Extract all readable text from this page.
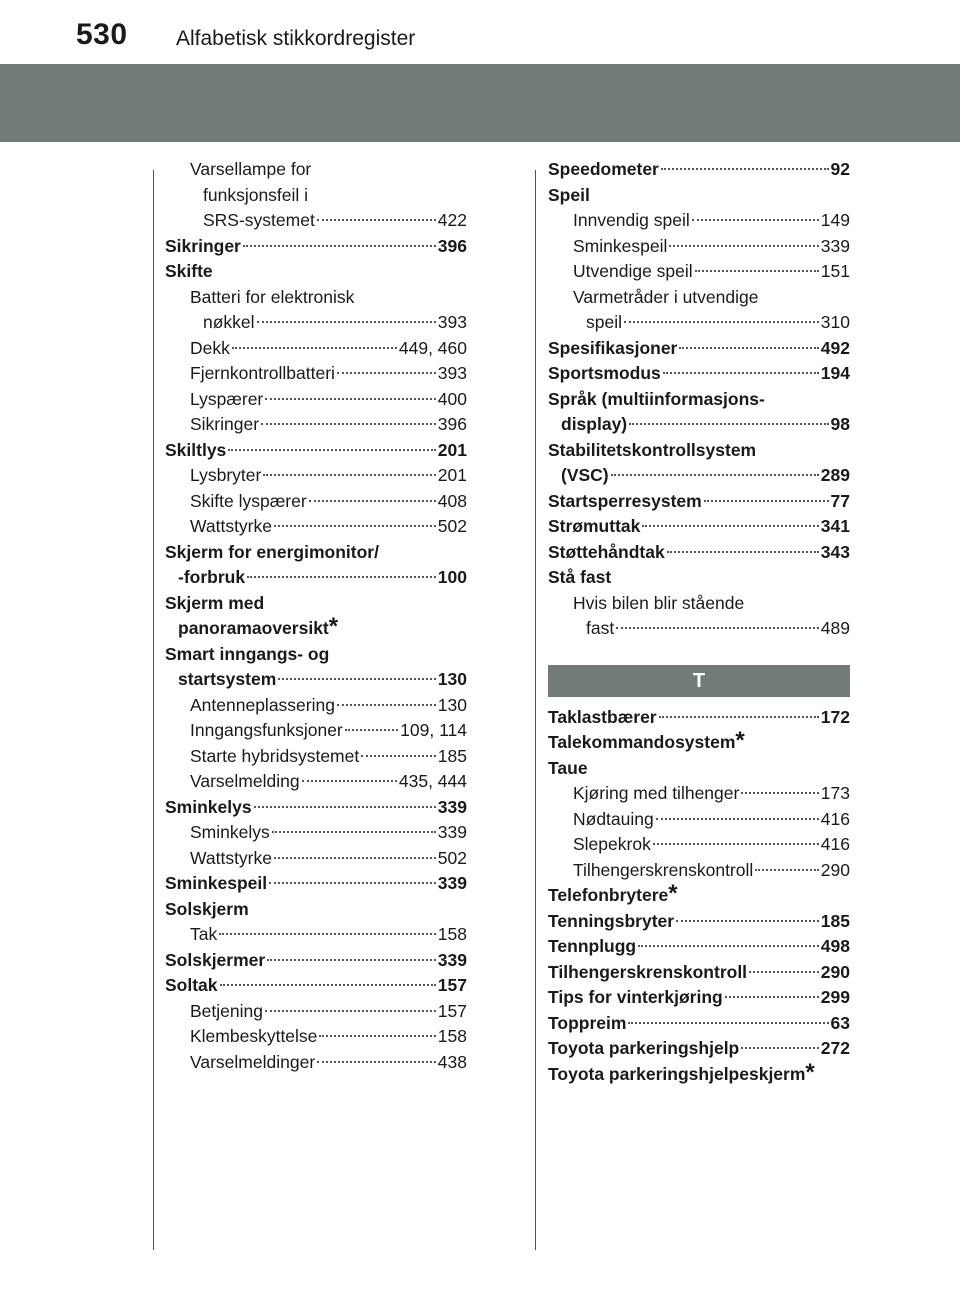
530 Alfabetisk stikkordregister
Varsellampe for
funksjonsfeil i
SRS-systemet	422
Sikringer	396
Skifte
Batteri for elektronisk
nøkkel	393
Dekk	449, 460
Fjernkontrollbatteri	393
Lyspærer	400
Sikringer	396
Skiltlys	201
Lysbryter	201
Skifte lyspærer	408
Wattstyrke	502
Skjerm for energimonitor/
-forbruk	100
Skjerm med
panoramaoversikt *
Smart inngangs- og
startsystem	130
Antenneplassering	130
Inngangsfunksjoner	109, 114
Starte hybridsystemet	185
Varselmelding	435, 444
Sminkelys	339
Sminkelys	339
Wattstyrke	502
Sminkespeil	339
Solskjerm
Tak	158
Solskjermer	339
Soltak	157
Betjening	157
Klembeskyttelse	158
Varselmeldinger	438
Speedometer	92
Speil
Innvendig speil	149
Sminkespeil	339
Utvendige speil	151
Varmetråder i utvendige
speil	310
Spesifikasjoner	492
Sportsmodus	194
Språk (multiinformasjons-
display)	98
Stabilitetskontrollsystem
(VSC)	289
Startsperresystem	77
Strømuttak	341
Støttehåndtak	343
Stå fast
Hvis bilen blir stående
fast	489
T
Taklastbærer	172
Talekommandosystem *
Taue
Kjøring med tilhenger	173
Nødtauing	416
Slepekrok	416
Tilhengerskrenskontroll	290
Telefonbrytere *
Tenningsbryter	185
Tennplugg	498
Tilhengerskrenskontroll	290
Tips for vinterkjøring	299
Toppreim	63
Toyota parkeringshjelp	272
Toyota parkeringshjelpeskjerm *
